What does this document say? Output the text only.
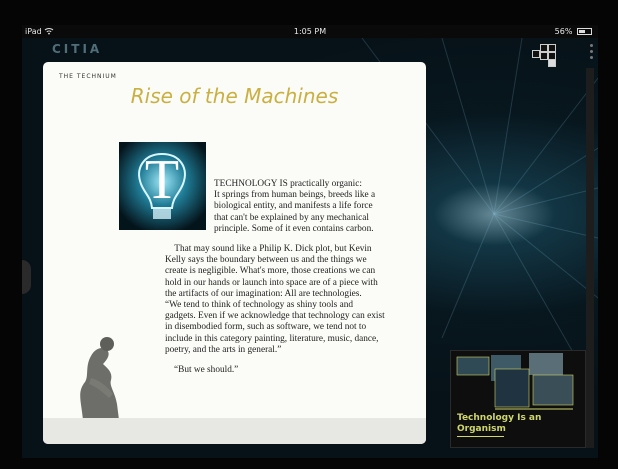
iPad	1:05 PM	56%
CITIA
THE TECHNIUM
Rise of the Machines
T	TECHNOLOGY IS practically organic:
It springs from human beings, breeds like a
biological entity, and manifests a life force
that can't be explained by any mechanical
principle. Some of it even contains carbon.

That may sound like a Philip K. Dick plot, but Kevin
Kelly says the boundary between us and the things we
create is negligible. What's more, those creations we can
hold in our hands or launch into space are of a piece with
the artifacts of our imagination: All are technologies.
“We tend to think of technology as shiny tools and
gadgets. Even if we acknowledge that technology can exist
in disembodied form, such as software, we tend not to
include in this category painting, literature, music, dance,
poetry, and the arts in general.”

“But we should.”

Technology Is an
Organism
